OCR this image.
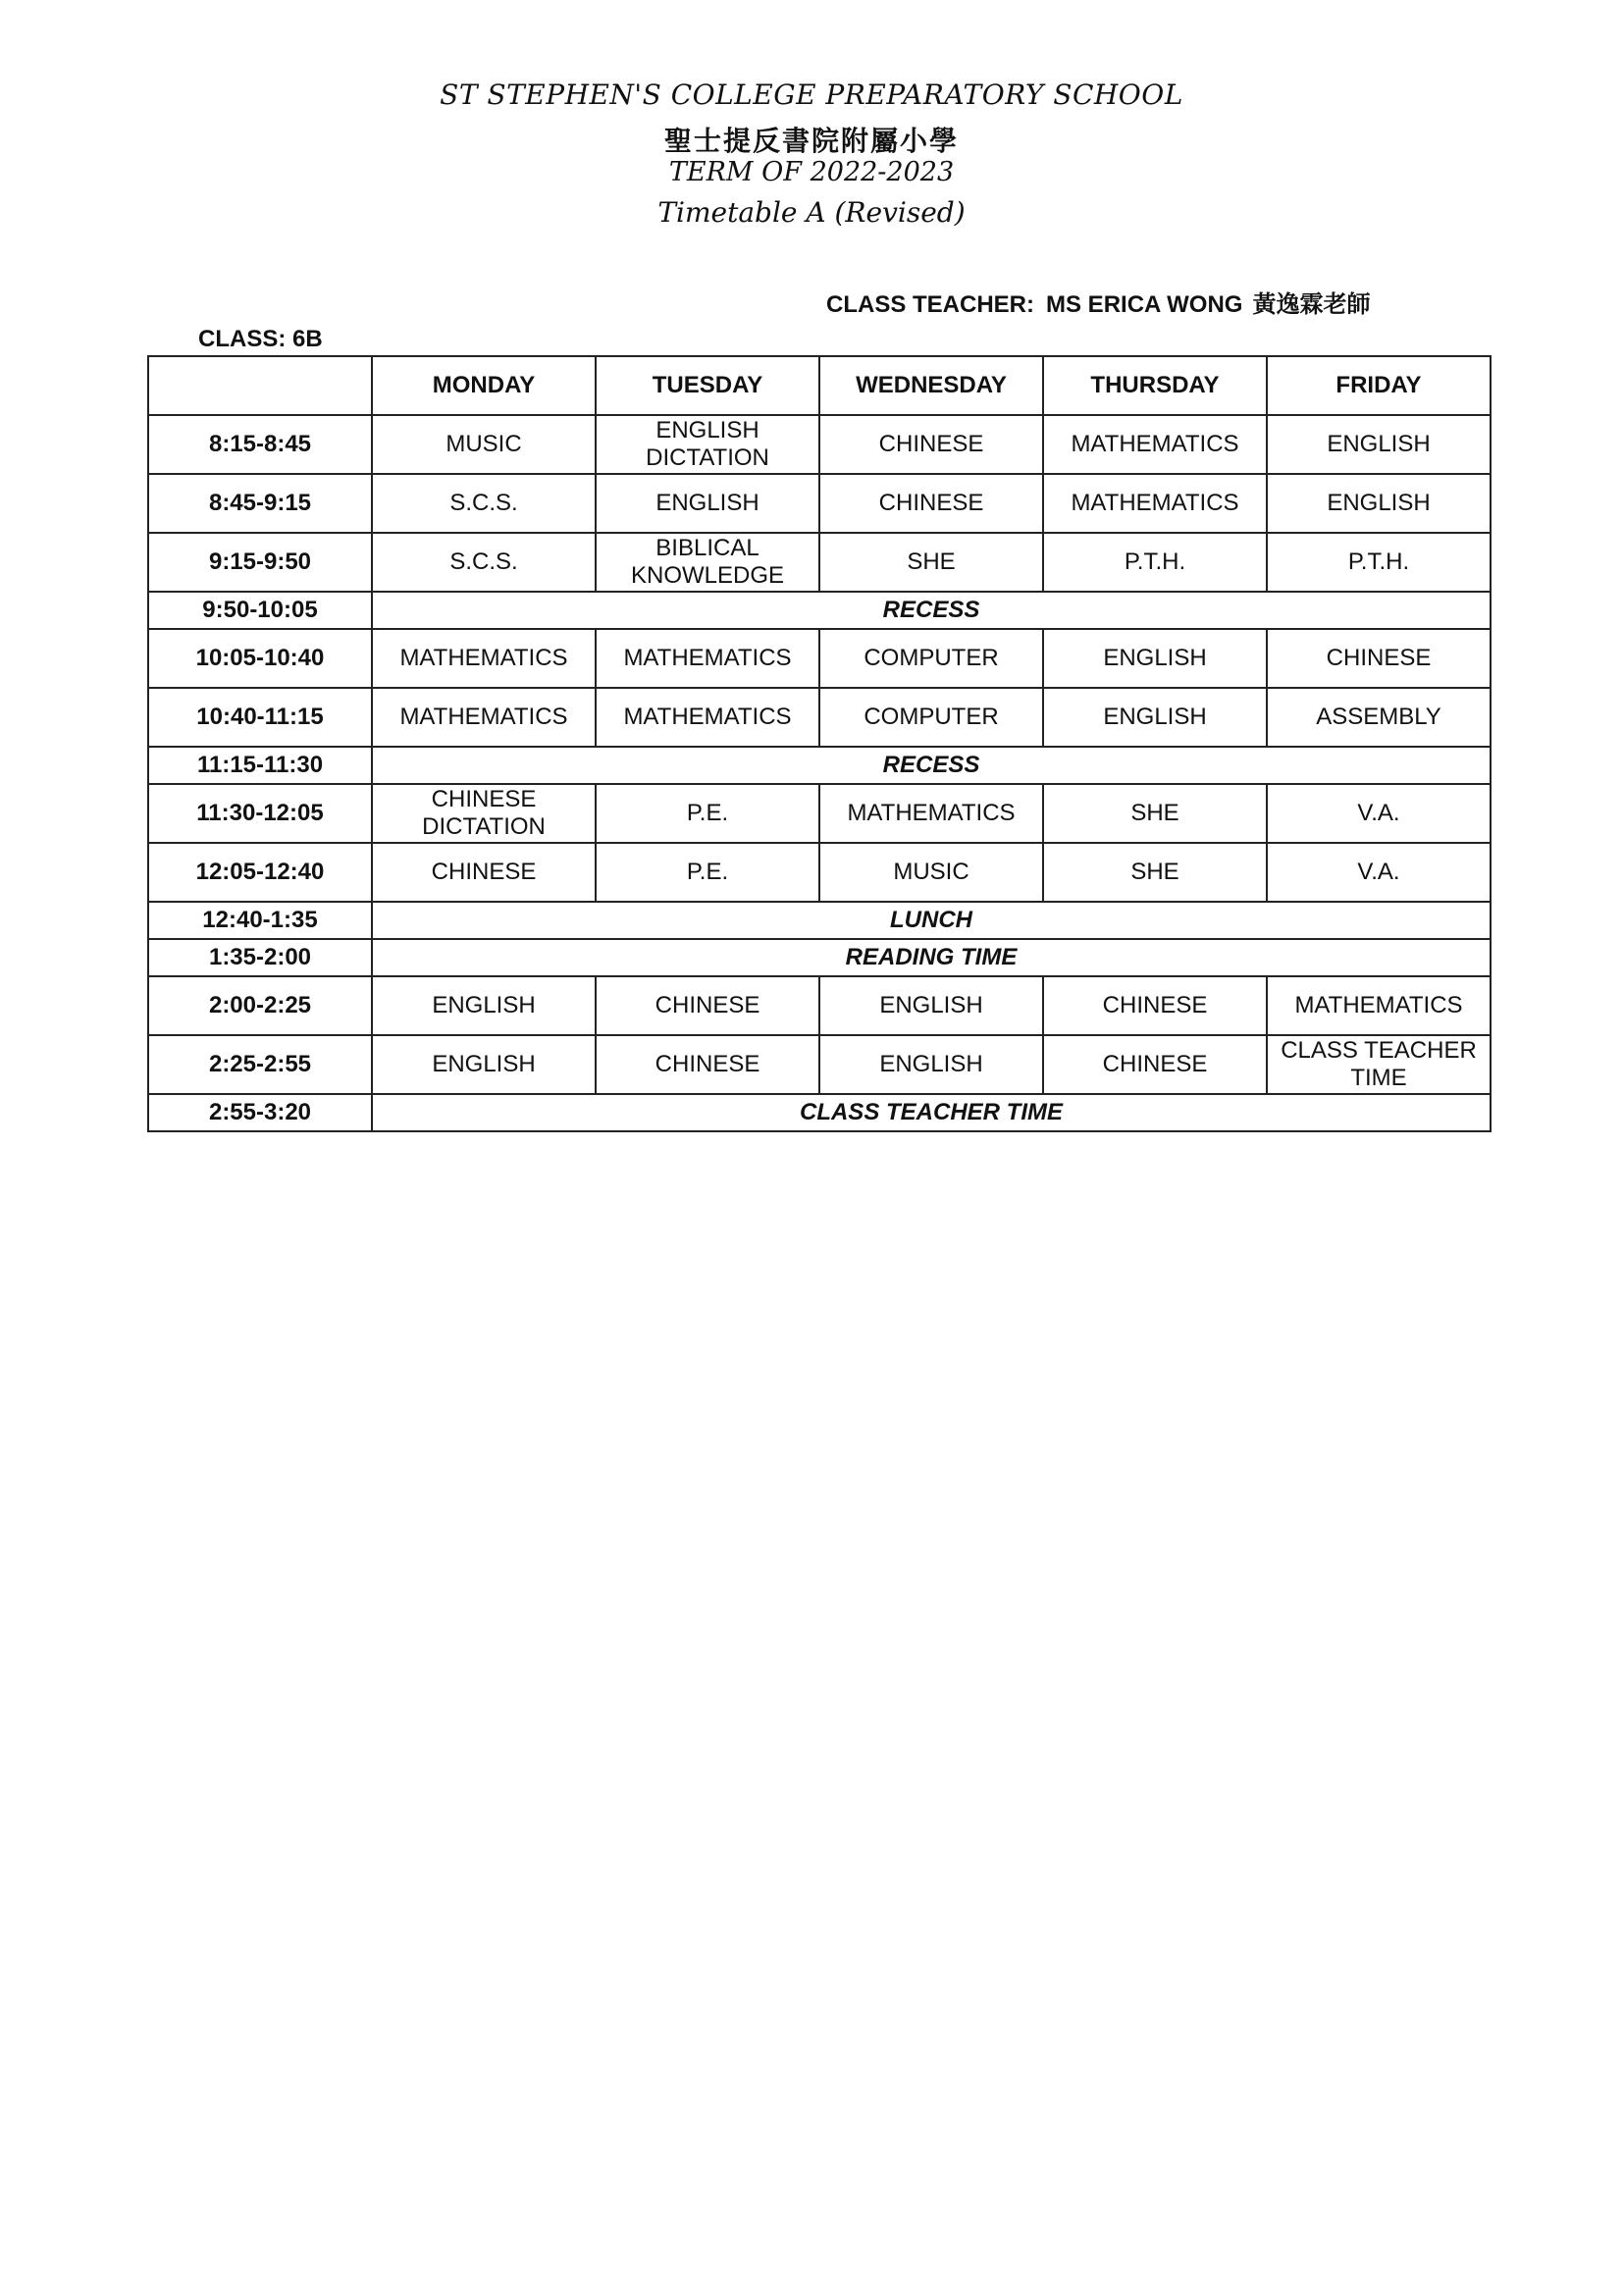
ST STEPHEN'S COLLEGE PREPARATORY SCHOOL
聖士提反書院附屬小學
TERM OF 2022-2023
Timetable A (Revised)
CLASS TEACHER: MS ERICA WONG 黃逸霖老師
CLASS: 6B
	MONDAY	TUESDAY	WEDNESDAY	THURSDAY	FRIDAY
8:15-8:45	MUSIC	ENGLISH DICTATION	CHINESE	MATHEMATICS	ENGLISH
8:45-9:15	S.C.S.	ENGLISH	CHINESE	MATHEMATICS	ENGLISH
9:15-9:50	S.C.S.	BIBLICAL KNOWLEDGE	SHE	P.T.H.	P.T.H.
9:50-10:05	RECESS				
10:05-10:40	MATHEMATICS	MATHEMATICS	COMPUTER	ENGLISH	CHINESE
10:40-11:15	MATHEMATICS	MATHEMATICS	COMPUTER	ENGLISH	ASSEMBLY
11:15-11:30	RECESS				
11:30-12:05	CHINESE DICTATION	P.E.	MATHEMATICS	SHE	V.A.
12:05-12:40	CHINESE	P.E.	MUSIC	SHE	V.A.
12:40-1:35	LUNCH				
1:35-2:00	READING TIME				
2:00-2:25	ENGLISH	CHINESE	ENGLISH	CHINESE	MATHEMATICS
2:25-2:55	ENGLISH	CHINESE	ENGLISH	CHINESE	CLASS TEACHER TIME
2:55-3:20	CLASS TEACHER TIME				
